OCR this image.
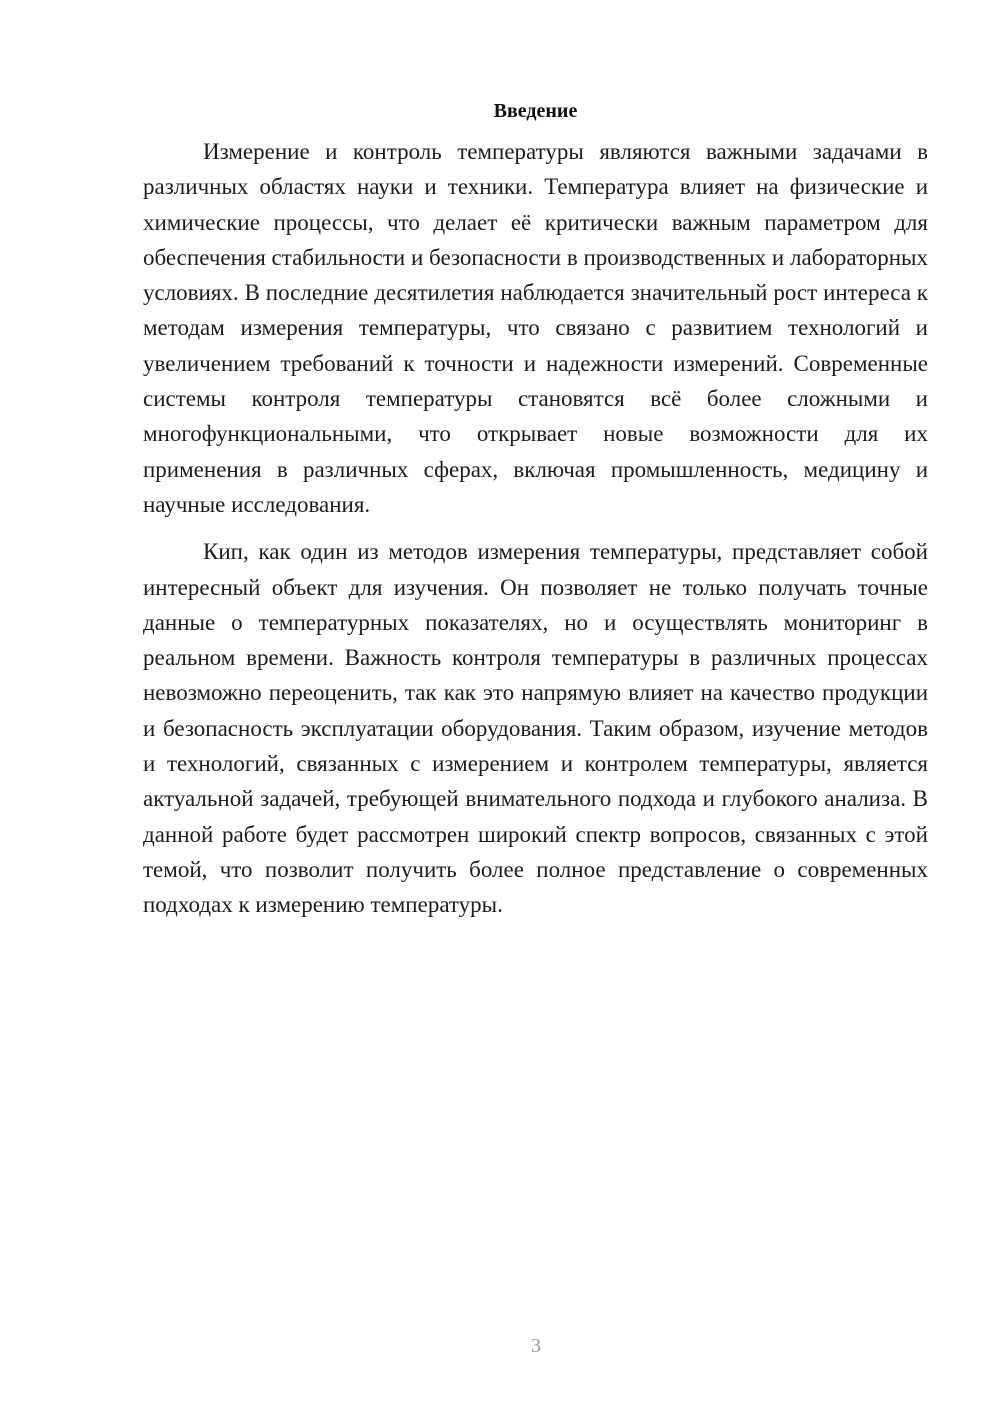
Введение

Измерение и контроль температуры являются важными задачами в различных областях науки и техники. Температура влияет на физические и химические процессы, что делает её критически важным параметром для обеспечения стабильности и безопасности в производственных и лабораторных условиях. В последние десятилетия наблюдается значительный рост интереса к методам измерения температуры, что связано с развитием технологий и увеличением требований к точности и надежности измерений. Современные системы контроля температуры становятся всё более сложными и многофункциональными, что открывает новые возможности для их применения в различных сферах, включая промышленность, медицину и научные исследования.

Кип, как один из методов измерения температуры, представляет собой интересный объект для изучения. Он позволяет не только получать точные данные о температурных показателях, но и осуществлять мониторинг в реальном времени. Важность контроля температуры в различных процессах невозможно переоценить, так как это напрямую влияет на качество продукции и безопасность эксплуатации оборудования. Таким образом, изучение методов и технологий, связанных с измерением и контролем температуры, является актуальной задачей, требующей внимательного подхода и глубокого анализа. В данной работе будет рассмотрен широкий спектр вопросов, связанных с этой темой, что позволит получить более полное представление о современных подходах к измерению температуры.

3
